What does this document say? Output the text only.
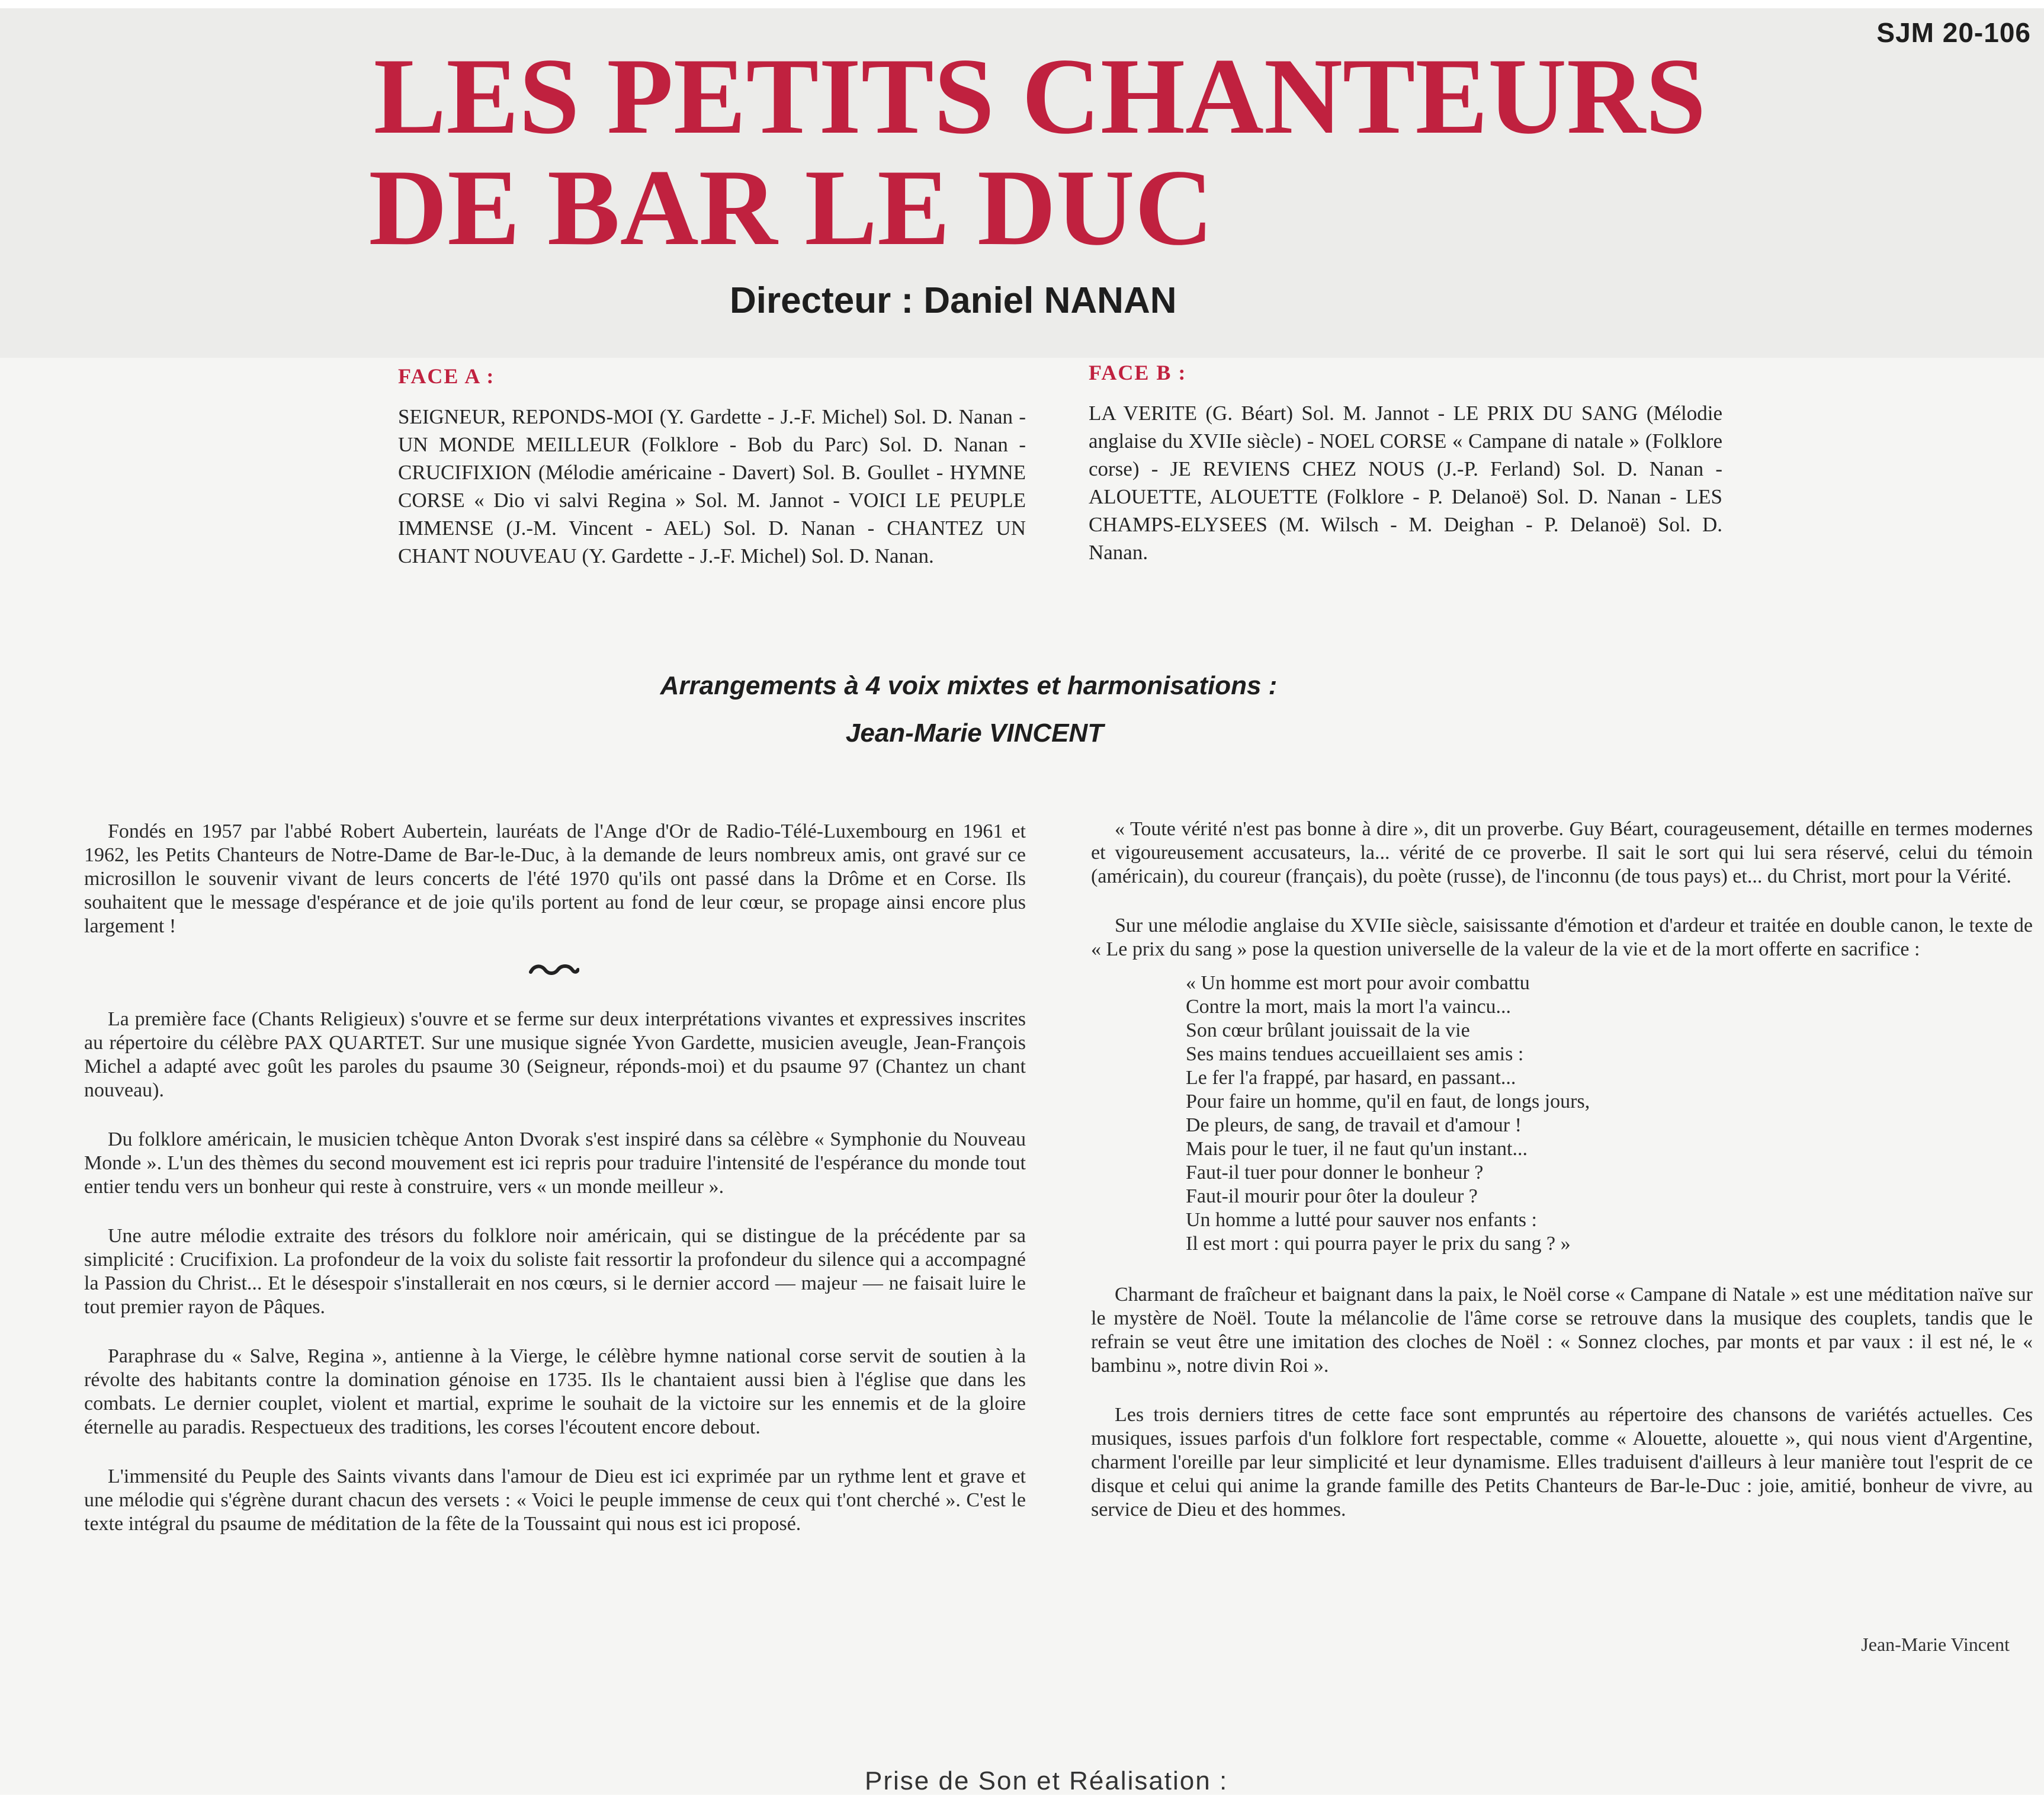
SJM 20-106
LES PETITS CHANTEURS
DE BAR LE DUC
Directeur : Daniel NANAN
FACE A :
SEIGNEUR, REPONDS-MOI (Y. Gardette - J.-F. Michel) Sol. D. Nanan - UN MONDE MEILLEUR (Folklore - Bob du Parc) Sol. D. Nanan - CRUCIFIXION (Mélodie américaine - Davert) Sol. B. Goullet - HYMNE CORSE « Dio vi salvi Regina » Sol. M. Jannot - VOICI LE PEUPLE IMMENSE (J.-M. Vincent - AEL) Sol. D. Nanan - CHANTEZ UN CHANT NOUVEAU (Y. Gardette - J.-F. Michel) Sol. D. Nanan.
FACE B :
LA VERITE (G. Béart) Sol. M. Jannot - LE PRIX DU SANG (Mélodie anglaise du XVIIe siècle) - NOEL CORSE « Campane di natale » (Folklore corse) - JE REVIENS CHEZ NOUS (J.-P. Ferland) Sol. D. Nanan - ALOUETTE, ALOUETTE (Folklore - P. Delanoë) Sol. D. Nanan - LES CHAMPS-ELYSEES (M. Wilsch - M. Deighan - P. Delanoë) Sol. D. Nanan.
Arrangements à 4 voix mixtes et harmonisations :
Jean-Marie VINCENT

Fondés en 1957 par l'abbé Robert Aubertein, lauréats de l'Ange d'Or de Radio-Télé-Luxembourg en 1961 et 1962, les Petits Chanteurs de Notre-Dame de Bar-le-Duc, à la demande de leurs nombreux amis, ont gravé sur ce microsillon le souvenir vivant de leurs concerts de l'été 1970 qu'ils ont passé dans la Drôme et en Corse. Ils souhaitent que le message d'espérance et de joie qu'ils portent au fond de leur cœur, se propage ainsi encore plus largement !

La première face (Chants Religieux) s'ouvre et se ferme sur deux interprétations vivantes et expressives inscrites au répertoire du célèbre PAX QUARTET. Sur une musique signée Yvon Gardette, musicien aveugle, Jean-François Michel a adapté avec goût les paroles du psaume 30 (Seigneur, réponds-moi) et du psaume 97 (Chantez un chant nouveau).

Du folklore américain, le musicien tchèque Anton Dvorak s'est inspiré dans sa célèbre « Symphonie du Nouveau Monde ». L'un des thèmes du second mouvement est ici repris pour traduire l'intensité de l'espérance du monde tout entier tendu vers un bonheur qui reste à construire, vers « un monde meilleur ».

Une autre mélodie extraite des trésors du folklore noir américain, qui se distingue de la précédente par sa simplicité : Crucifixion. La profondeur de la voix du soliste fait ressortir la profondeur du silence qui a accompagné la Passion du Christ... Et le désespoir s'installerait en nos cœurs, si le dernier accord — majeur — ne faisait luire le tout premier rayon de Pâques.

Paraphrase du « Salve, Regina », antienne à la Vierge, le célèbre hymne national corse servit de soutien à la révolte des habitants contre la domination génoise en 1735. Ils le chantaient aussi bien à l'église que dans les combats. Le dernier couplet, violent et martial, exprime le souhait de la victoire sur les ennemis et de la gloire éternelle au paradis. Respectueux des traditions, les corses l'écoutent encore debout.

L'immensité du Peuple des Saints vivants dans l'amour de Dieu est ici exprimée par un rythme lent et grave et une mélodie qui s'égrène durant chacun des versets : « Voici le peuple immense de ceux qui t'ont cherché ». C'est le texte intégral du psaume de méditation de la fête de la Toussaint qui nous est ici proposé.

« Toute vérité n'est pas bonne à dire », dit un proverbe. Guy Béart, courageusement, détaille en termes modernes et vigoureusement accusateurs, la... vérité de ce proverbe. Il sait le sort qui lui sera réservé, celui du témoin (américain), du coureur (français), du poète (russe), de l'inconnu (de tous pays) et... du Christ, mort pour la Vérité.

Sur une mélodie anglaise du XVIIe siècle, saisissante d'émotion et d'ardeur et traitée en double canon, le texte de « Le prix du sang » pose la question universelle de la valeur de la vie et de la mort offerte en sacrifice :

« Un homme est mort pour avoir combattu
Contre la mort, mais la mort l'a vaincu...
Son cœur brûlant jouissait de la vie
Ses mains tendues accueillaient ses amis :
Le fer l'a frappé, par hasard, en passant...
Pour faire un homme, qu'il en faut, de longs jours,
De pleurs, de sang, de travail et d'amour !
Mais pour le tuer, il ne faut qu'un instant...
Faut-il tuer pour donner le bonheur ?
Faut-il mourir pour ôter la douleur ?
Un homme a lutté pour sauver nos enfants :
Il est mort : qui pourra payer le prix du sang ? »

Charmant de fraîcheur et baignant dans la paix, le Noël corse « Campane di Natale » est une méditation naïve sur le mystère de Noël. Toute la mélancolie de l'âme corse se retrouve dans la musique des couplets, tandis que le refrain se veut être une imitation des cloches de Noël : « Sonnez cloches, par monts et par vaux : il est né, le « bambinu », notre divin Roi ».

Les trois derniers titres de cette face sont empruntés au répertoire des chansons de variétés actuelles. Ces musiques, issues parfois d'un folklore fort respectable, comme « Alouette, alouette », qui nous vient d'Argentine, charment l'oreille par leur simplicité et leur dynamisme. Elles traduisent d'ailleurs à leur manière tout l'esprit de ce disque et celui qui anime la grande famille des Petits Chanteurs de Bar-le-Duc : joie, amitié, bonheur de vivre, au service de Dieu et des hommes.

Jean-Marie Vincent
Prise de Son et Réalisation :
